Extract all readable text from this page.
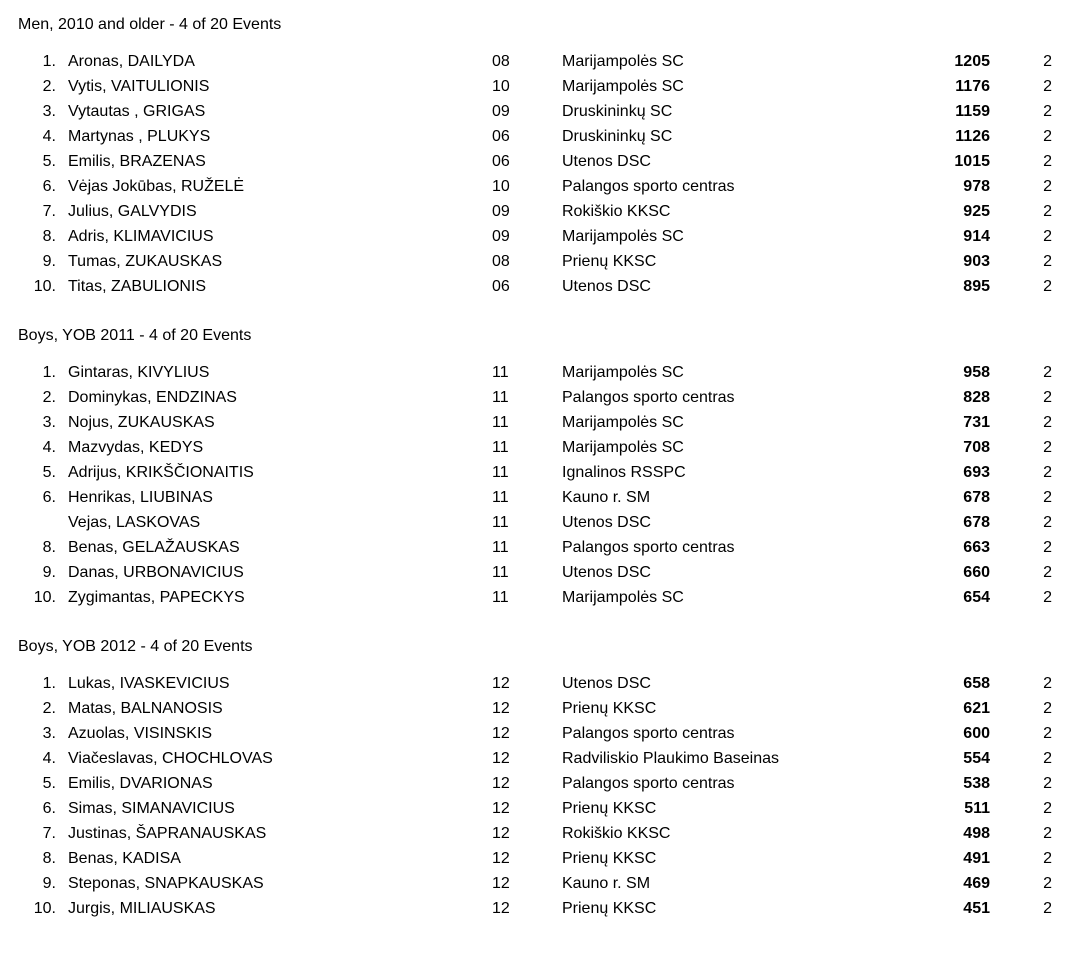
Men, 2010 and older - 4 of 20 Events
1. Aronas, DAILYDA	08	Marijampolės SC	1205	2
2. Vytis, VAITULIONIS	10	Marijampolės SC	1176	2
3. Vytautas , GRIGAS	09	Druskininkų SC	1159	2
4. Martynas , PLUKYS	06	Druskininkų SC	1126	2
5. Emilis, BRAZENAS	06	Utenos DSC	1015	2
6. Vėjas Jokūbas, RUŽELĖ	10	Palangos sporto centras	978	2
7. Julius, GALVYDIS	09	Rokiškio KKSC	925	2
8. Adris, KLIMAVICIUS	09	Marijampolės SC	914	2
9. Tumas, ZUKAUSKAS	08	Prienų KKSC	903	2
10. Titas, ZABULIONIS	06	Utenos DSC	895	2
Boys, YOB 2011 - 4 of 20 Events
1. Gintaras, KIVYLIUS	11	Marijampolės SC	958	2
2. Dominykas, ENDZINAS	11	Palangos sporto centras	828	2
3. Nojus, ZUKAUSKAS	11	Marijampolės SC	731	2
4. Mazvydas, KEDYS	11	Marijampolės SC	708	2
5. Adrijus, KRIKŠČIONAITIS	11	Ignalinos RSSPC	693	2
6. Henrikas, LIUBINAS	11	Kauno r. SM	678	2
Vejas, LASKOVAS	11	Utenos DSC	678	2
8. Benas, GELAŽAUSKAS	11	Palangos sporto centras	663	2
9. Danas, URBONAVICIUS	11	Utenos DSC	660	2
10. Zygimantas, PAPECKYS	11	Marijampolės SC	654	2
Boys, YOB 2012 - 4 of 20 Events
1. Lukas, IVASKEVICIUS	12	Utenos DSC	658	2
2. Matas, BALNANOSIS	12	Prienų KKSC	621	2
3. Azuolas, VISINSKIS	12	Palangos sporto centras	600	2
4. Viačeslavas, CHOCHLOVAS	12	Radviliskio Plaukimo Baseinas	554	2
5. Emilis, DVARIONAS	12	Palangos sporto centras	538	2
6. Simas, SIMANAVICIUS	12	Prienų KKSC	511	2
7. Justinas, ŠAPRANAUSKAS	12	Rokiškio KKSC	498	2
8. Benas, KADISA	12	Prienų KKSC	491	2
9. Steponas, SNAPKAUSKAS	12	Kauno r. SM	469	2
10. Jurgis, MILIAUSKAS	12	Prienų KKSC	451	2
